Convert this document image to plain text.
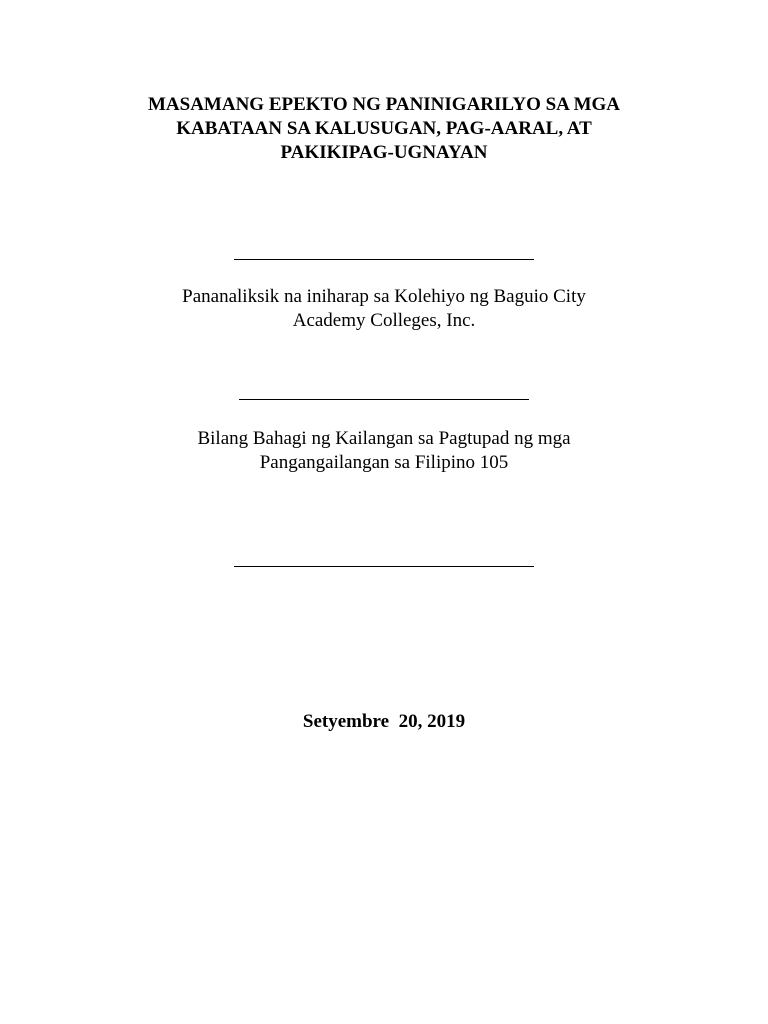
MASAMANG EPEKTO NG PANINIGARILYO SA MGA
KABATAAN SA KALUSUGAN, PAG-AARAL, AT
PAKIKIPAG-UGNAYAN
Pananaliksik na iniharap sa Kolehiyo ng Baguio City
Academy Colleges, Inc.
Bilang Bahagi ng Kailangan sa Pagtupad ng mga
Pangangailangan sa Filipino 105
Setyembre  20, 2019
